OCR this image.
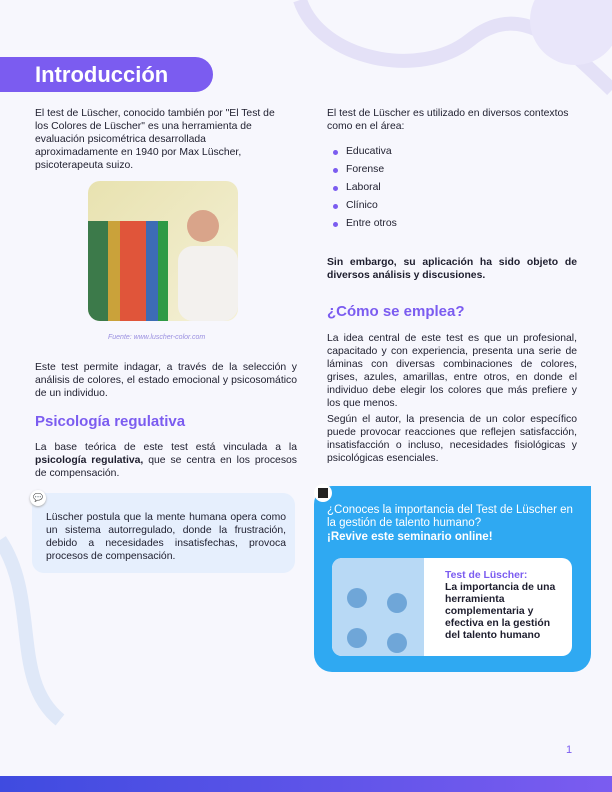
Introducción
El test de Lüscher, conocido también por "El Test de los Colores de Lüscher" es una herramienta de evaluación psicométrica desarrollada aproximadamente en 1940 por Max Lüscher, psicoterapeuta suizo.
Fuente: www.luscher-color.com
Este test permite indagar, a través de la selección y análisis de colores, el estado emocional y psicosomático de un individuo.
Psicología regulativa
La base teórica de este test está vinculada a la psicología regulativa, que se centra en los procesos de compensación.
Lüscher postula que la mente humana opera como un sistema autorregulado, donde la frustración, debido a necesidades insatisfechas, provoca procesos de compensación.
💬
El test de Lüscher es utilizado en diversos contextos como en el área:
Educativa
Forense
Laboral
Clínico
Entre otros
Sin embargo, su aplicación ha sido objeto de diversos análisis y discusiones.
¿Cómo se emplea?
La idea central de este test es que un profesional, capacitado y con experiencia, presenta una serie de láminas con diversas combinaciones de colores, grises, azules, amarillas, entre otros, en donde el individuo debe elegir los colores que más prefiere y los que menos.
Según el autor, la presencia de un color específico puede provocar reacciones que reflejen satisfacción, insatisfacción o incluso, necesidades fisiológicas y psicológicas esenciales.
¿Conoces la importancia del Test de Lüscher en la gestión de talento humano?
¡Revive este seminario online!
Test de Lüscher:
La importancia de una herramienta complementaria y efectiva en la gestión del talento humano
1
